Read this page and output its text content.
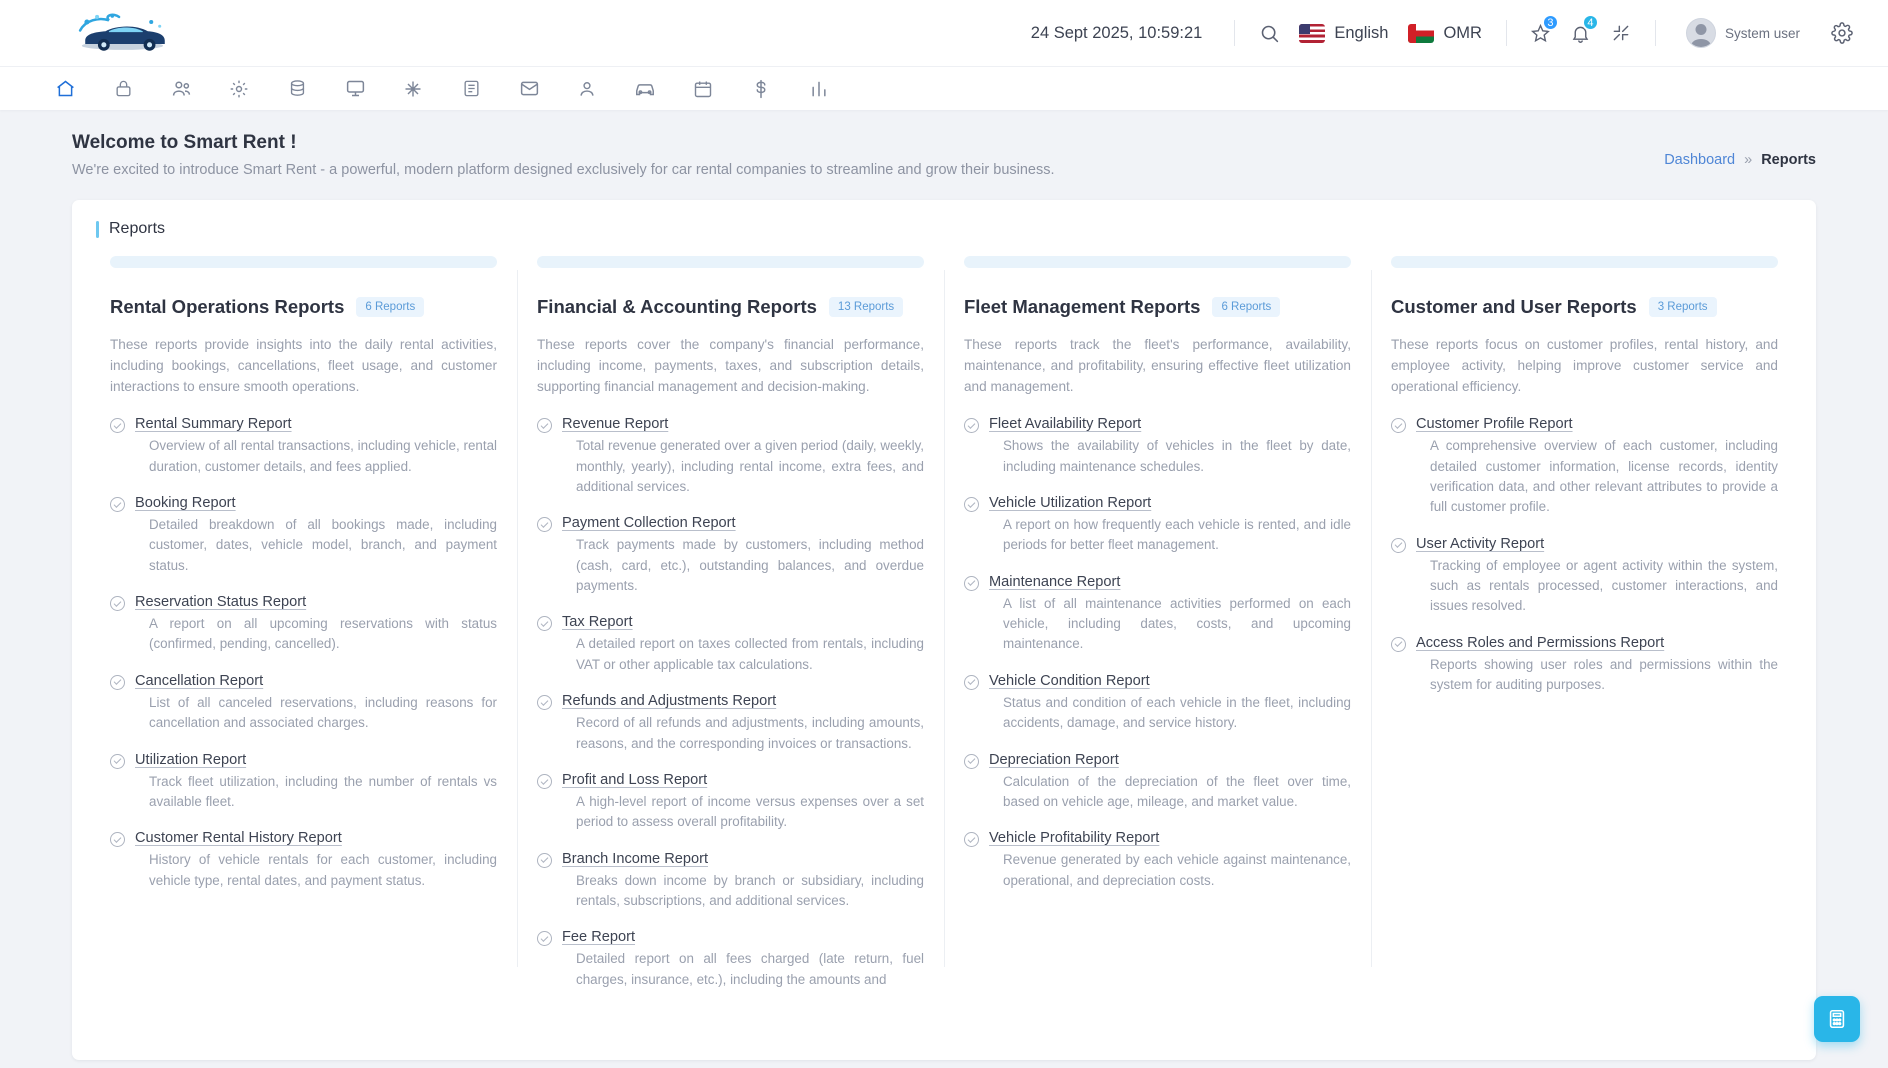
24 Sept 2025, 10:59:21	English	OMR
3	4
System user
Welcome to Smart Rent !

We're excited to introduce Smart Rent - a powerful, modern platform designed exclusively for car rental companies to streamline and grow their business.

Dashboard » Reports
Reports
Rental Operations Reports	6 Reports

These reports provide insights into the daily rental activities, including bookings, cancellations, fleet usage, and customer interactions to ensure smooth operations.

Rental Summary Report
Overview of all rental transactions, including vehicle, rental duration, customer details, and fees applied.
Booking Report
Detailed breakdown of all bookings made, including customer, dates, vehicle model, branch, and payment status.
Reservation Status Report
A report on all upcoming reservations with status (confirmed, pending, cancelled).
Cancellation Report
List of all canceled reservations, including reasons for cancellation and associated charges.
Utilization Report
Track fleet utilization, including the number of rentals vs available fleet.
Customer Rental History Report
History of vehicle rentals for each customer, including vehicle type, rental dates, and payment status.
Financial & Accounting Reports	13 Reports

These reports cover the company's financial performance, including income, payments, taxes, and subscription details, supporting financial management and decision-making.

Revenue Report
Total revenue generated over a given period (daily, weekly, monthly, yearly), including rental income, extra fees, and additional services.
Payment Collection Report
Track payments made by customers, including method (cash, card, etc.), outstanding balances, and overdue payments.
Tax Report
A detailed report on taxes collected from rentals, including VAT or other applicable tax calculations.
Refunds and Adjustments Report
Record of all refunds and adjustments, including amounts, reasons, and the corresponding invoices or transactions.
Profit and Loss Report
A high-level report of income versus expenses over a set period to assess overall profitability.
Branch Income Report
Breaks down income by branch or subsidiary, including rentals, subscriptions, and additional services.
Fee Report
Detailed report on all fees charged (late return, fuel charges, insurance, etc.), including the amounts and
Fleet Management Reports	6 Reports

These reports track the fleet's performance, availability, maintenance, and profitability, ensuring effective fleet utilization and management.

Fleet Availability Report
Shows the availability of vehicles in the fleet by date, including maintenance schedules.
Vehicle Utilization Report
A report on how frequently each vehicle is rented, and idle periods for better fleet management.
Maintenance Report
A list of all maintenance activities performed on each vehicle, including dates, costs, and upcoming maintenance.
Vehicle Condition Report
Status and condition of each vehicle in the fleet, including accidents, damage, and service history.
Depreciation Report
Calculation of the depreciation of the fleet over time, based on vehicle age, mileage, and market value.
Vehicle Profitability Report
Revenue generated by each vehicle against maintenance, operational, and depreciation costs.
Customer and User Reports	3 Reports

These reports focus on customer profiles, rental history, and employee activity, helping improve customer service and operational efficiency.

Customer Profile Report
A comprehensive overview of each customer, including detailed customer information, license records, identity verification data, and other relevant attributes to provide a full customer profile.
User Activity Report
Tracking of employee or agent activity within the system, such as rentals processed, customer interactions, and issues resolved.
Access Roles and Permissions Report
Reports showing user roles and permissions within the system for auditing purposes.
